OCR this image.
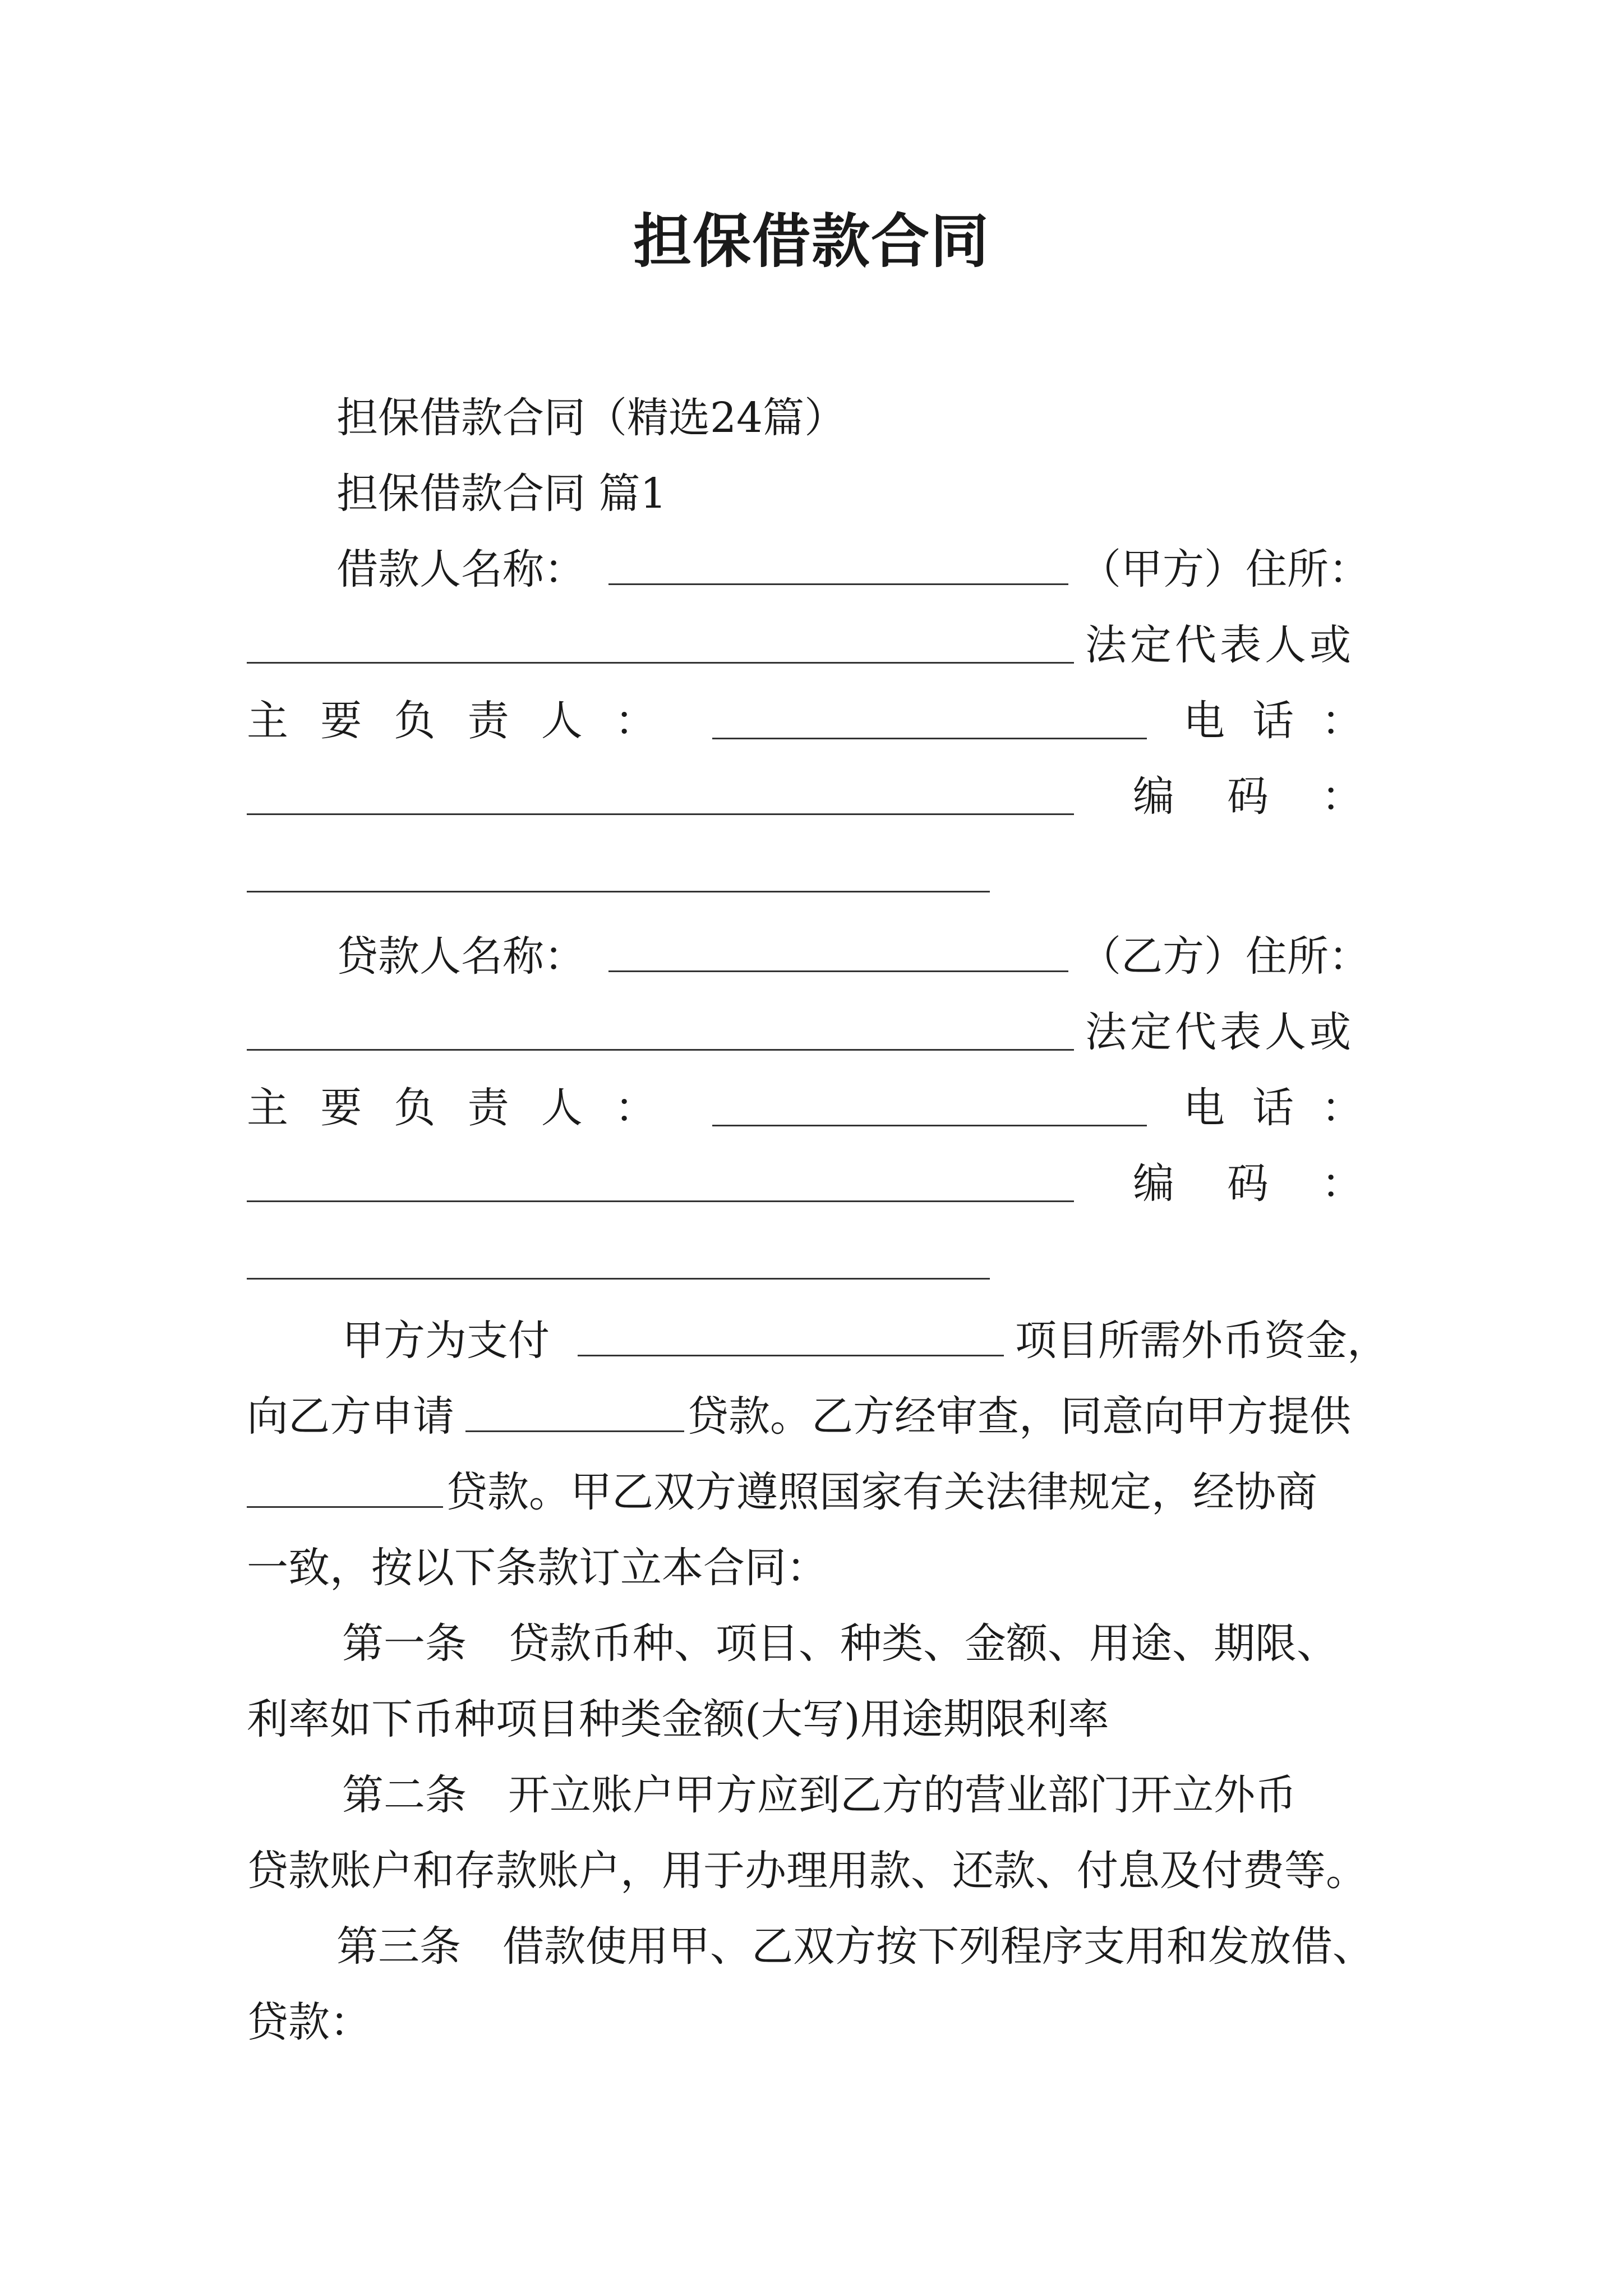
担保借款合同
担保借款合同（精选24篇）
担保借款合同 篇1
借款人名称：	（甲方）住所：
法定代表人或
主 要 负 责 人 ：	电 话 ：
编 码 ：
贷款人名称：	（乙方）住所：
法定代表人或
主 要 负 责 人 ：	电 话 ：
编 码 ：
甲方为支付	项目所需外币资金，
向乙方申请	贷款。乙方经审查，同意向甲方提供
贷款。甲乙双方遵照国家有关法律规定，经协商
一致，按以下条款订立本合同：
第一条　贷款币种、项目、种类、金额、用途、期限、
利率如下币种项目种类金额(大写)用途期限利率
第二条　开立账户甲方应到乙方的营业部门开立外币
贷款账户和存款账户，用于办理用款、还款、付息及付费等。
第三条　借款使用甲、乙双方按下列程序支用和发放借、
贷款：
